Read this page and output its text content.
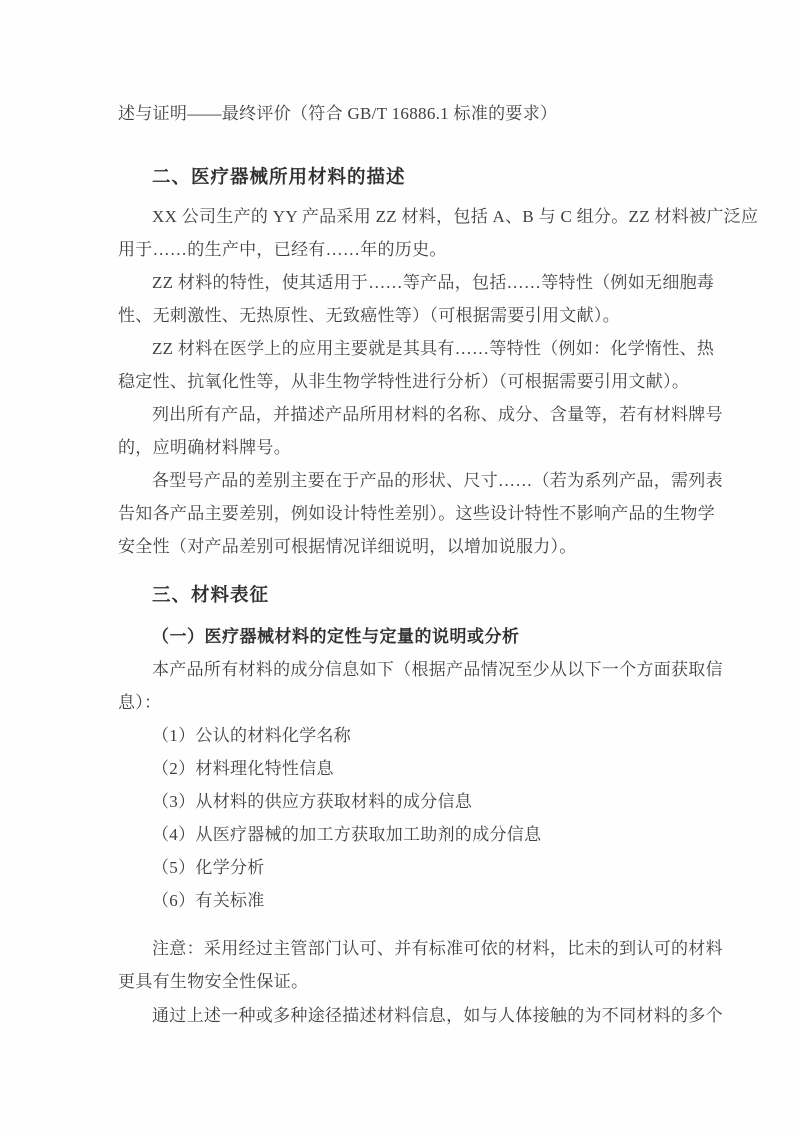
述与证明——最终评价（符合 GB/T 16886.1 标准的要求）
二、医疗器械所用材料的描述
XX 公司生产的 YY 产品采用 ZZ 材料，包括 A、B 与 C 组分。ZZ 材料被广泛应
用于……的生产中，已经有……年的历史。
ZZ 材料的特性，使其适用于……等产品，包括……等特性（例如无细胞毒
性、无刺激性、无热原性、无致癌性等）（可根据需要引用文献）。
ZZ 材料在医学上的应用主要就是其具有……等特性（例如：化学惰性、热
稳定性、抗氧化性等，从非生物学特性进行分析）（可根据需要引用文献）。
列出所有产品，并描述产品所用材料的名称、成分、含量等，若有材料牌号
的，应明确材料牌号。
各型号产品的差别主要在于产品的形状、尺寸……（若为系列产品，需列表
告知各产品主要差别，例如设计特性差别）。这些设计特性不影响产品的生物学
安全性（对产品差别可根据情况详细说明，以增加说服力）。
三、材料表征
（一）医疗器械材料的定性与定量的说明或分析
本产品所有材料的成分信息如下（根据产品情况至少从以下一个方面获取信
息）：
（1）公认的材料化学名称
（2）材料理化特性信息
（3）从材料的供应方获取材料的成分信息
（4）从医疗器械的加工方获取加工助剂的成分信息
（5）化学分析
（6）有关标准
注意：采用经过主管部门认可、并有标准可依的材料，比未的到认可的材料
更具有生物安全性保证。
通过上述一种或多种途径描述材料信息，如与人体接触的为不同材料的多个
